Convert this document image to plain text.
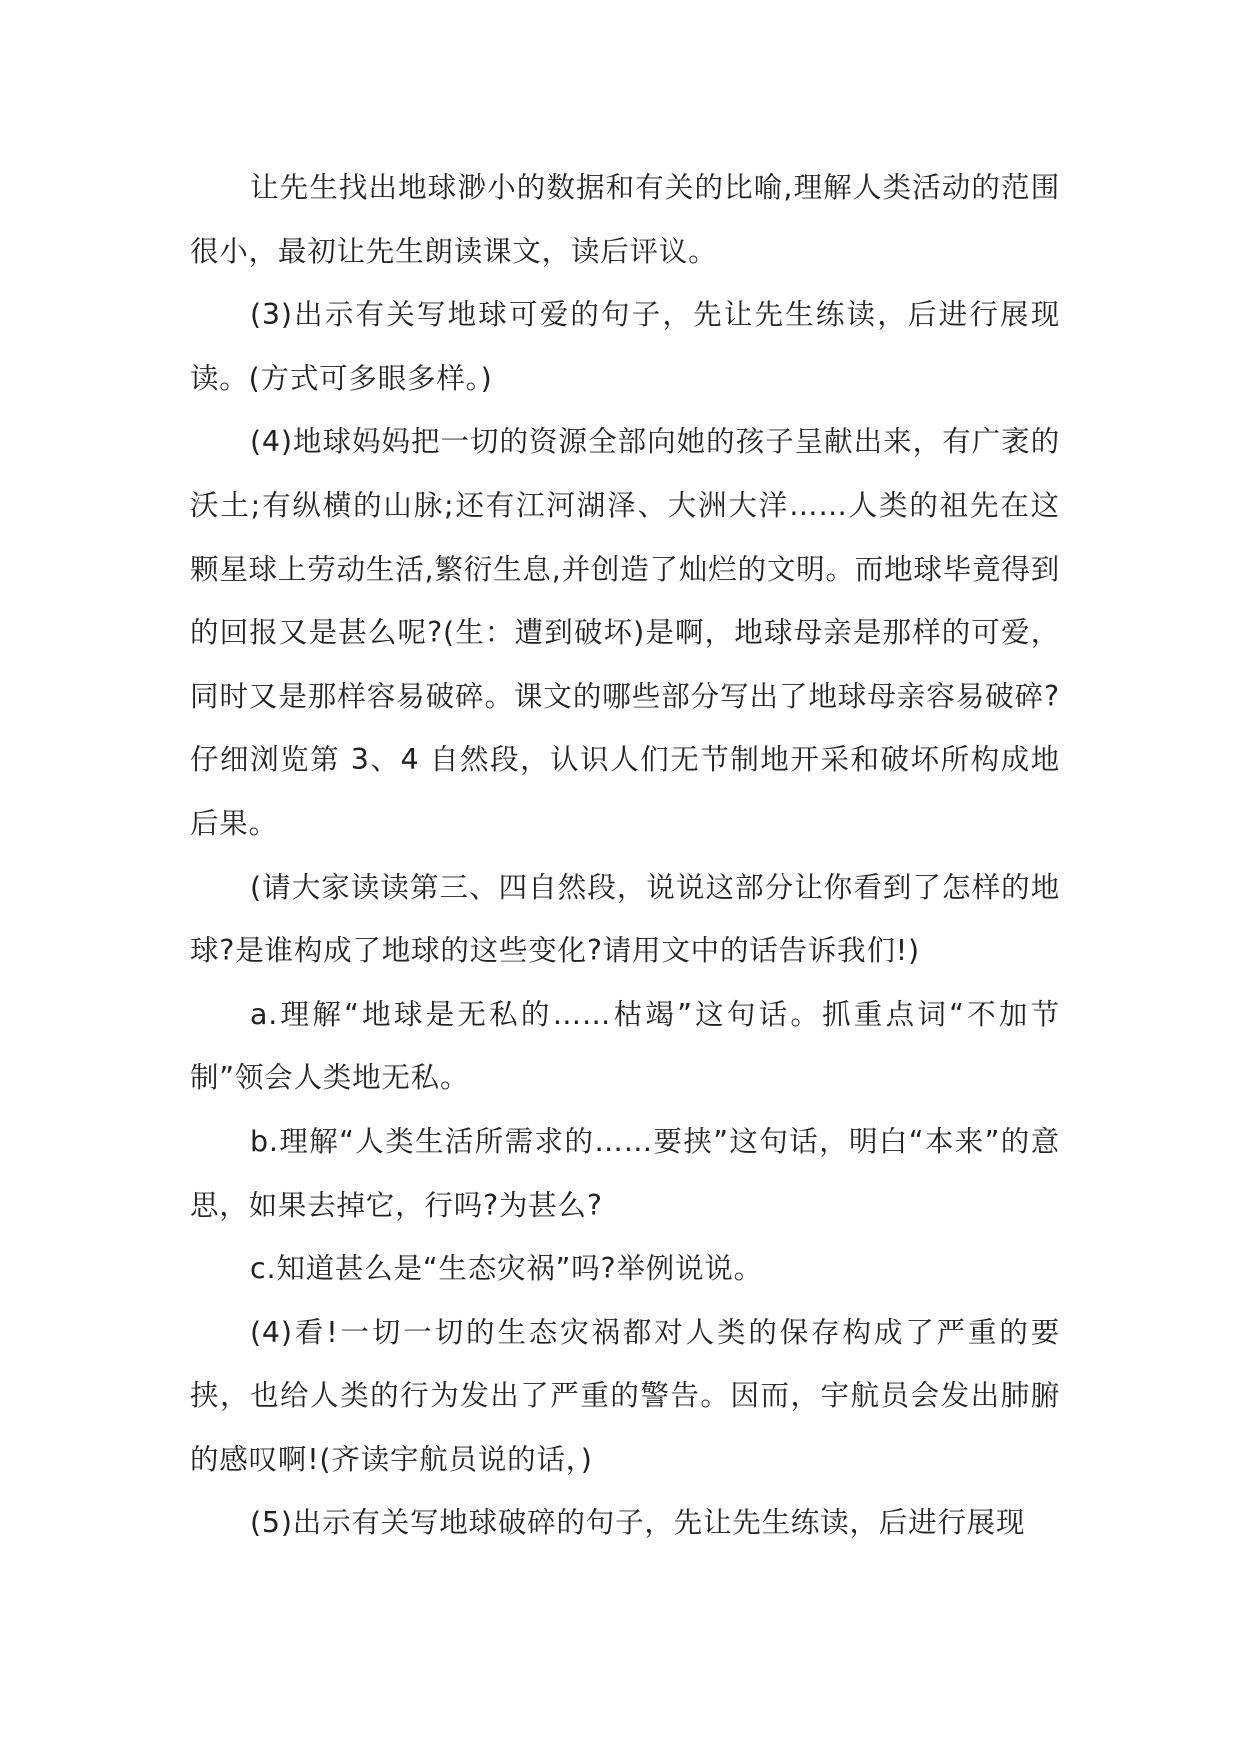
让先生找出地球渺小的数据和有关的比喻,理解人类活动的范围很小，最初让先生朗读课文，读后评议。

(3)出示有关写地球可爱的句子，先让先生练读，后进行展现读。(方式可多眼多样。)

(4)地球妈妈把一切的资源全部向她的孩子呈献出来，有广袤的沃土;有纵横的山脉;还有江河湖泽、大洲大洋……人类的祖先在这颗星球上劳动生活,繁衍生息,并创造了灿烂的文明。而地球毕竟得到的回报又是甚么呢?(生：遭到破坏)是啊，地球母亲是那样的可爱，同时又是那样容易破碎。课文的哪些部分写出了地球母亲容易破碎?仔细浏览第 3、4 自然段，认识人们无节制地开采和破坏所构成地后果。

(请大家读读第三、四自然段，说说这部分让你看到了怎样的地球?是谁构成了地球的这些变化?请用文中的话告诉我们!)

a.理解“地球是无私的……枯竭”这句话。抓重点词“不加节制”领会人类地无私。

b.理解“人类生活所需求的……要挟”这句话，明白“本来”的意思，如果去掉它，行吗?为甚么?

c.知道甚么是“生态灾祸”吗?举例说说。

(4)看!一切一切的生态灾祸都对人类的保存构成了严重的要挟，也给人类的行为发出了严重的警告。因而，宇航员会发出肺腑的感叹啊!(齐读宇航员说的话，)

(5)出示有关写地球破碎的句子，先让先生练读，后进行展现
